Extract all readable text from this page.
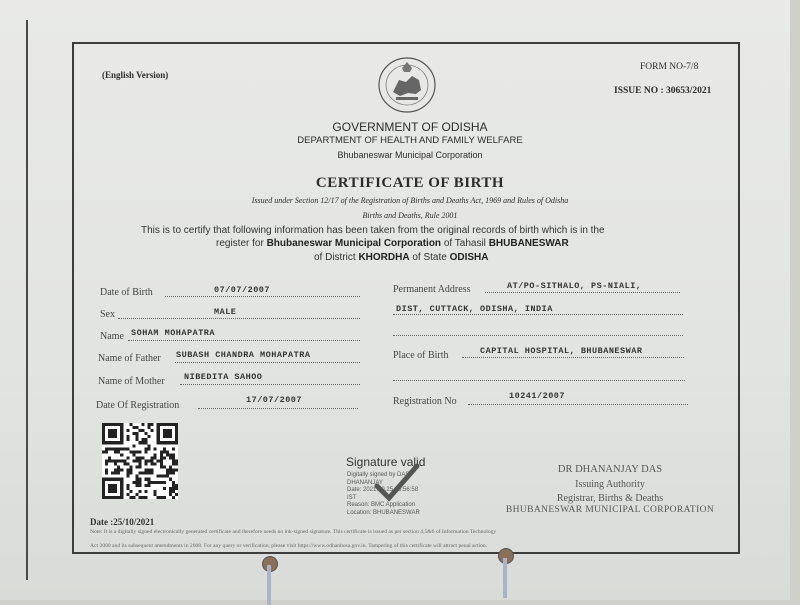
(English Version)
FORM NO-7/8
ISSUE NO : 30653/2021
GOVERNMENT OF ODISHA
DEPARTMENT OF HEALTH AND FAMILY WELFARE
Bhubaneswar Municipal Corporation
CERTIFICATE OF BIRTH
Issued under Section 12/17 of the Registration of Births and Deaths Act, 1969 and Rules of Odisha
Births and Deaths, Rule 2001
This is to certify that following information has been taken from the original records of birth which is in the
register for Bhubaneswar Municipal Corporation of Tahasil BHUBANESWAR
of District KHORDHA of State ODISHA
Date of Birth	07/07/2007
Sex	MALE
Name SOHAM MOHAPATRA
Name of Father SUBASH CHANDRA MOHAPATRA
Name of Mother NIBEDITA SAHOO
Date Of Registration	17/07/2007
Permanent Address	AT/PO-SITHALO, PS-NIALI,
DIST, CUTTACK, ODISHA, INDIA
Place of Birth	CAPITAL HOSPITAL, BHUBANESWAR
Registration No	10241/2007
Signature valid
Digitally signed by DAS
DHANANJAY
Date: 2021.10.25 15:56:58
IST
Reason: BMC Application
Location: BHUBANESWAR
DR DHANANJAY DAS
Issuing Authority
Registrar, Births & Deaths
BHUBANESWAR MUNICIPAL CORPORATION
Date :25/10/2021
Note: It is a digitally signed electronically generated certificate and therefore needs no ink-signed signature. This certificate is issued as per section 4,5&6 of Information Technology
Act 2000 and its subsequent amendments in 2008. For any query or verification, please visit https://www.odhanbosa.gov.in. Tampering of this certificate will attract penal action.
